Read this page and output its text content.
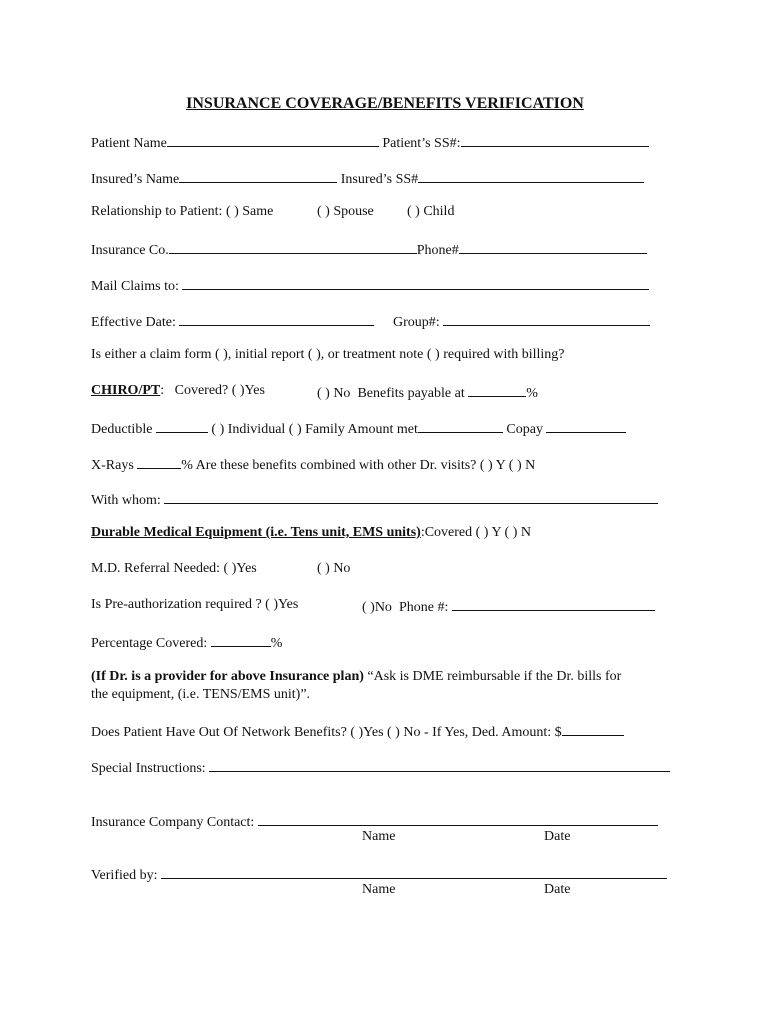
INSURANCE COVERAGE/BENEFITS VERIFICATION
Patient Name	Patient’s SS#:
Insured’s Name	Insured’s SS#
Relationship to Patient: ( ) Same	( ) Spouse ( ) Child
Insurance Co.	Phone#
Mail Claims to:
Effective Date:	Group#:
Is either a claim form ( ), initial report ( ), or treatment note ( ) required with billing?
CHIRO/PT: Covered? ( )Yes	( ) No Benefits payable at	%
Deductible	( ) Individual ( ) Family Amount met	Copay
X-Rays	% Are these benefits combined with other Dr. visits? ( ) Y ( ) N
With whom:
Durable Medical Equipment (i.e. Tens unit, EMS units):Covered ( ) Y ( ) N
M.D. Referral Needed: ( )Yes	( ) No
Is Pre-authorization required ? ( )Yes	( )No Phone #:
Percentage Covered:	%
(If Dr. is a provider for above Insurance plan) “Ask is DME reimbursable if the Dr. bills for
the equipment, (i.e. TENS/EMS unit)”.
Does Patient Have Out Of Network Benefits? ( )Yes ( ) No - If Yes, Ded. Amount: $
Special Instructions:
Insurance Company Contact:
Name	Date
Verified by:
Name	Date
